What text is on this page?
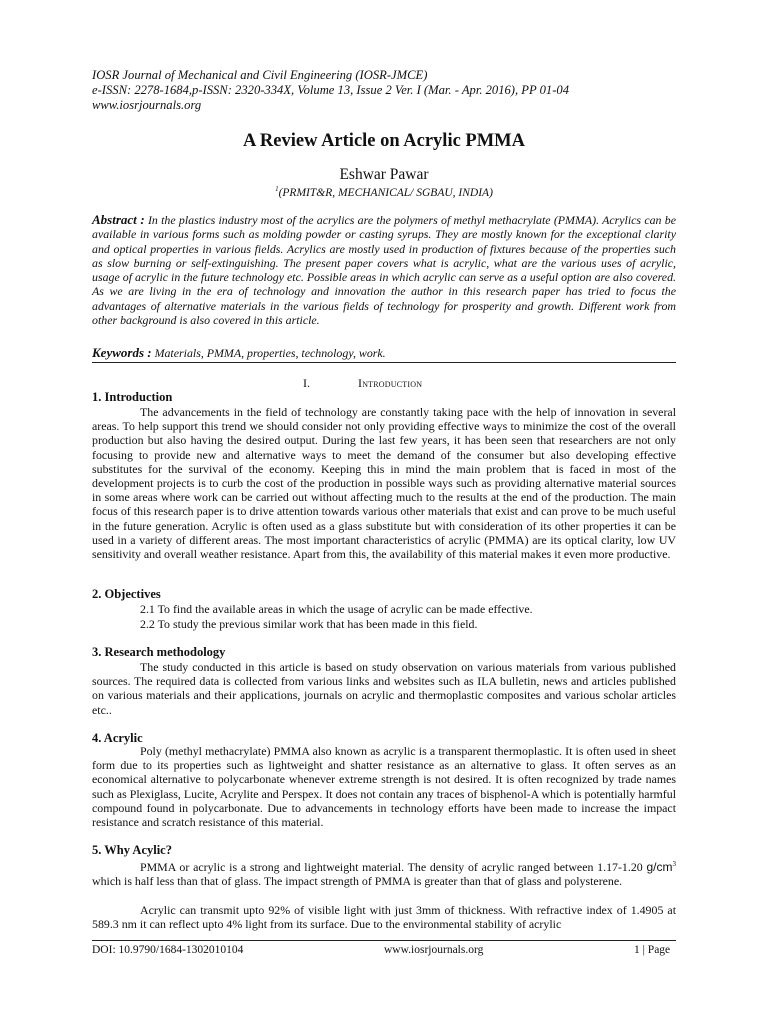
IOSR Journal of Mechanical and Civil Engineering (IOSR-JMCE)
e-ISSN: 2278-1684,p-ISSN: 2320-334X, Volume 13, Issue 2 Ver. I (Mar. - Apr. 2016), PP 01-04
www.iosrjournals.org
A Review Article on Acrylic PMMA
Eshwar Pawar
$^1$(PRMIT&R, MECHANICAL/ SGBAU, INDIA)
Abstract : In the plastics industry most of the acrylics are the polymers of methyl methacrylate (PMMA). Acrylics can be available in various forms such as molding powder or casting syrups. They are mostly known for the exceptional clarity and optical properties in various fields. Acrylics are mostly used in production of fixtures because of the properties such as slow burning or self-extinguishing. The present paper covers what is acrylic, what are the various uses of acrylic, usage of acrylic in the future technology etc. Possible areas in which acrylic can serve as a useful option are also covered. As we are living in the era of technology and innovation the author in this research paper has tried to focus the advantages of alternative materials in the various fields of technology for prosperity and growth. Different work from other background is also covered in this article.
Keywords : Materials, PMMA, properties, technology, work.
I.	Introduction
1. Introduction
The advancements in the field of technology are constantly taking pace with the help of innovation in several areas. To help support this trend we should consider not only providing effective ways to minimize the cost of the overall production but also having the desired output. During the last few years, it has been seen that researchers are not only focusing to provide new and alternative ways to meet the demand of the consumer but also developing effective substitutes for the survival of the economy. Keeping this in mind the main problem that is faced in most of the development projects is to curb the cost of the production in possible ways such as providing alternative material sources in some areas where work can be carried out without affecting much to the results at the end of the production. The main focus of this research paper is to drive attention towards various other materials that exist and can prove to be much useful in the future generation. Acrylic is often used as a glass substitute but with consideration of its other properties it can be used in a variety of different areas. The most important characteristics of acrylic (PMMA) are its optical clarity, low UV sensitivity and overall weather resistance. Apart from this, the availability of this material makes it even more productive.
2. Objectives
2.1 To find the available areas in which the usage of acrylic can be made effective.
2.2 To study the previous similar work that has been made in this field.
3. Research methodology
The study conducted in this article is based on study observation on various materials from various published sources. The required data is collected from various links and websites such as ILA bulletin, news and articles published on various materials and their applications, journals on acrylic and thermoplastic composites and various scholar articles etc..
4. Acrylic
Poly (methyl methacrylate) PMMA also known as acrylic is a transparent thermoplastic. It is often used in sheet form due to its properties such as lightweight and shatter resistance as an alternative to glass. It often serves as an economical alternative to polycarbonate whenever extreme strength is not desired. It is often recognized by trade names such as Plexiglass, Lucite, Acrylite and Perspex. It does not contain any traces of bisphenol-A which is potentially harmful compound found in polycarbonate. Due to advancements in technology efforts have been made to increase the impact resistance and scratch resistance of this material.
5. Why Acylic?
PMMA or acrylic is a strong and lightweight material. The density of acrylic ranged between 1.17-1.20 $g/cm^3$ which is half less than that of glass. The impact strength of PMMA is greater than that of glass and polysterene.
Acrylic can transmit upto 92% of visible light with just 3mm of thickness. With refractive index of 1.4905 at 589.3 nm it can reflect upto 4% light from its surface. Due to the environmental stability of acrylic
DOI: 10.9790/1684-1302010104	www.iosrjournals.org	1 | Page
